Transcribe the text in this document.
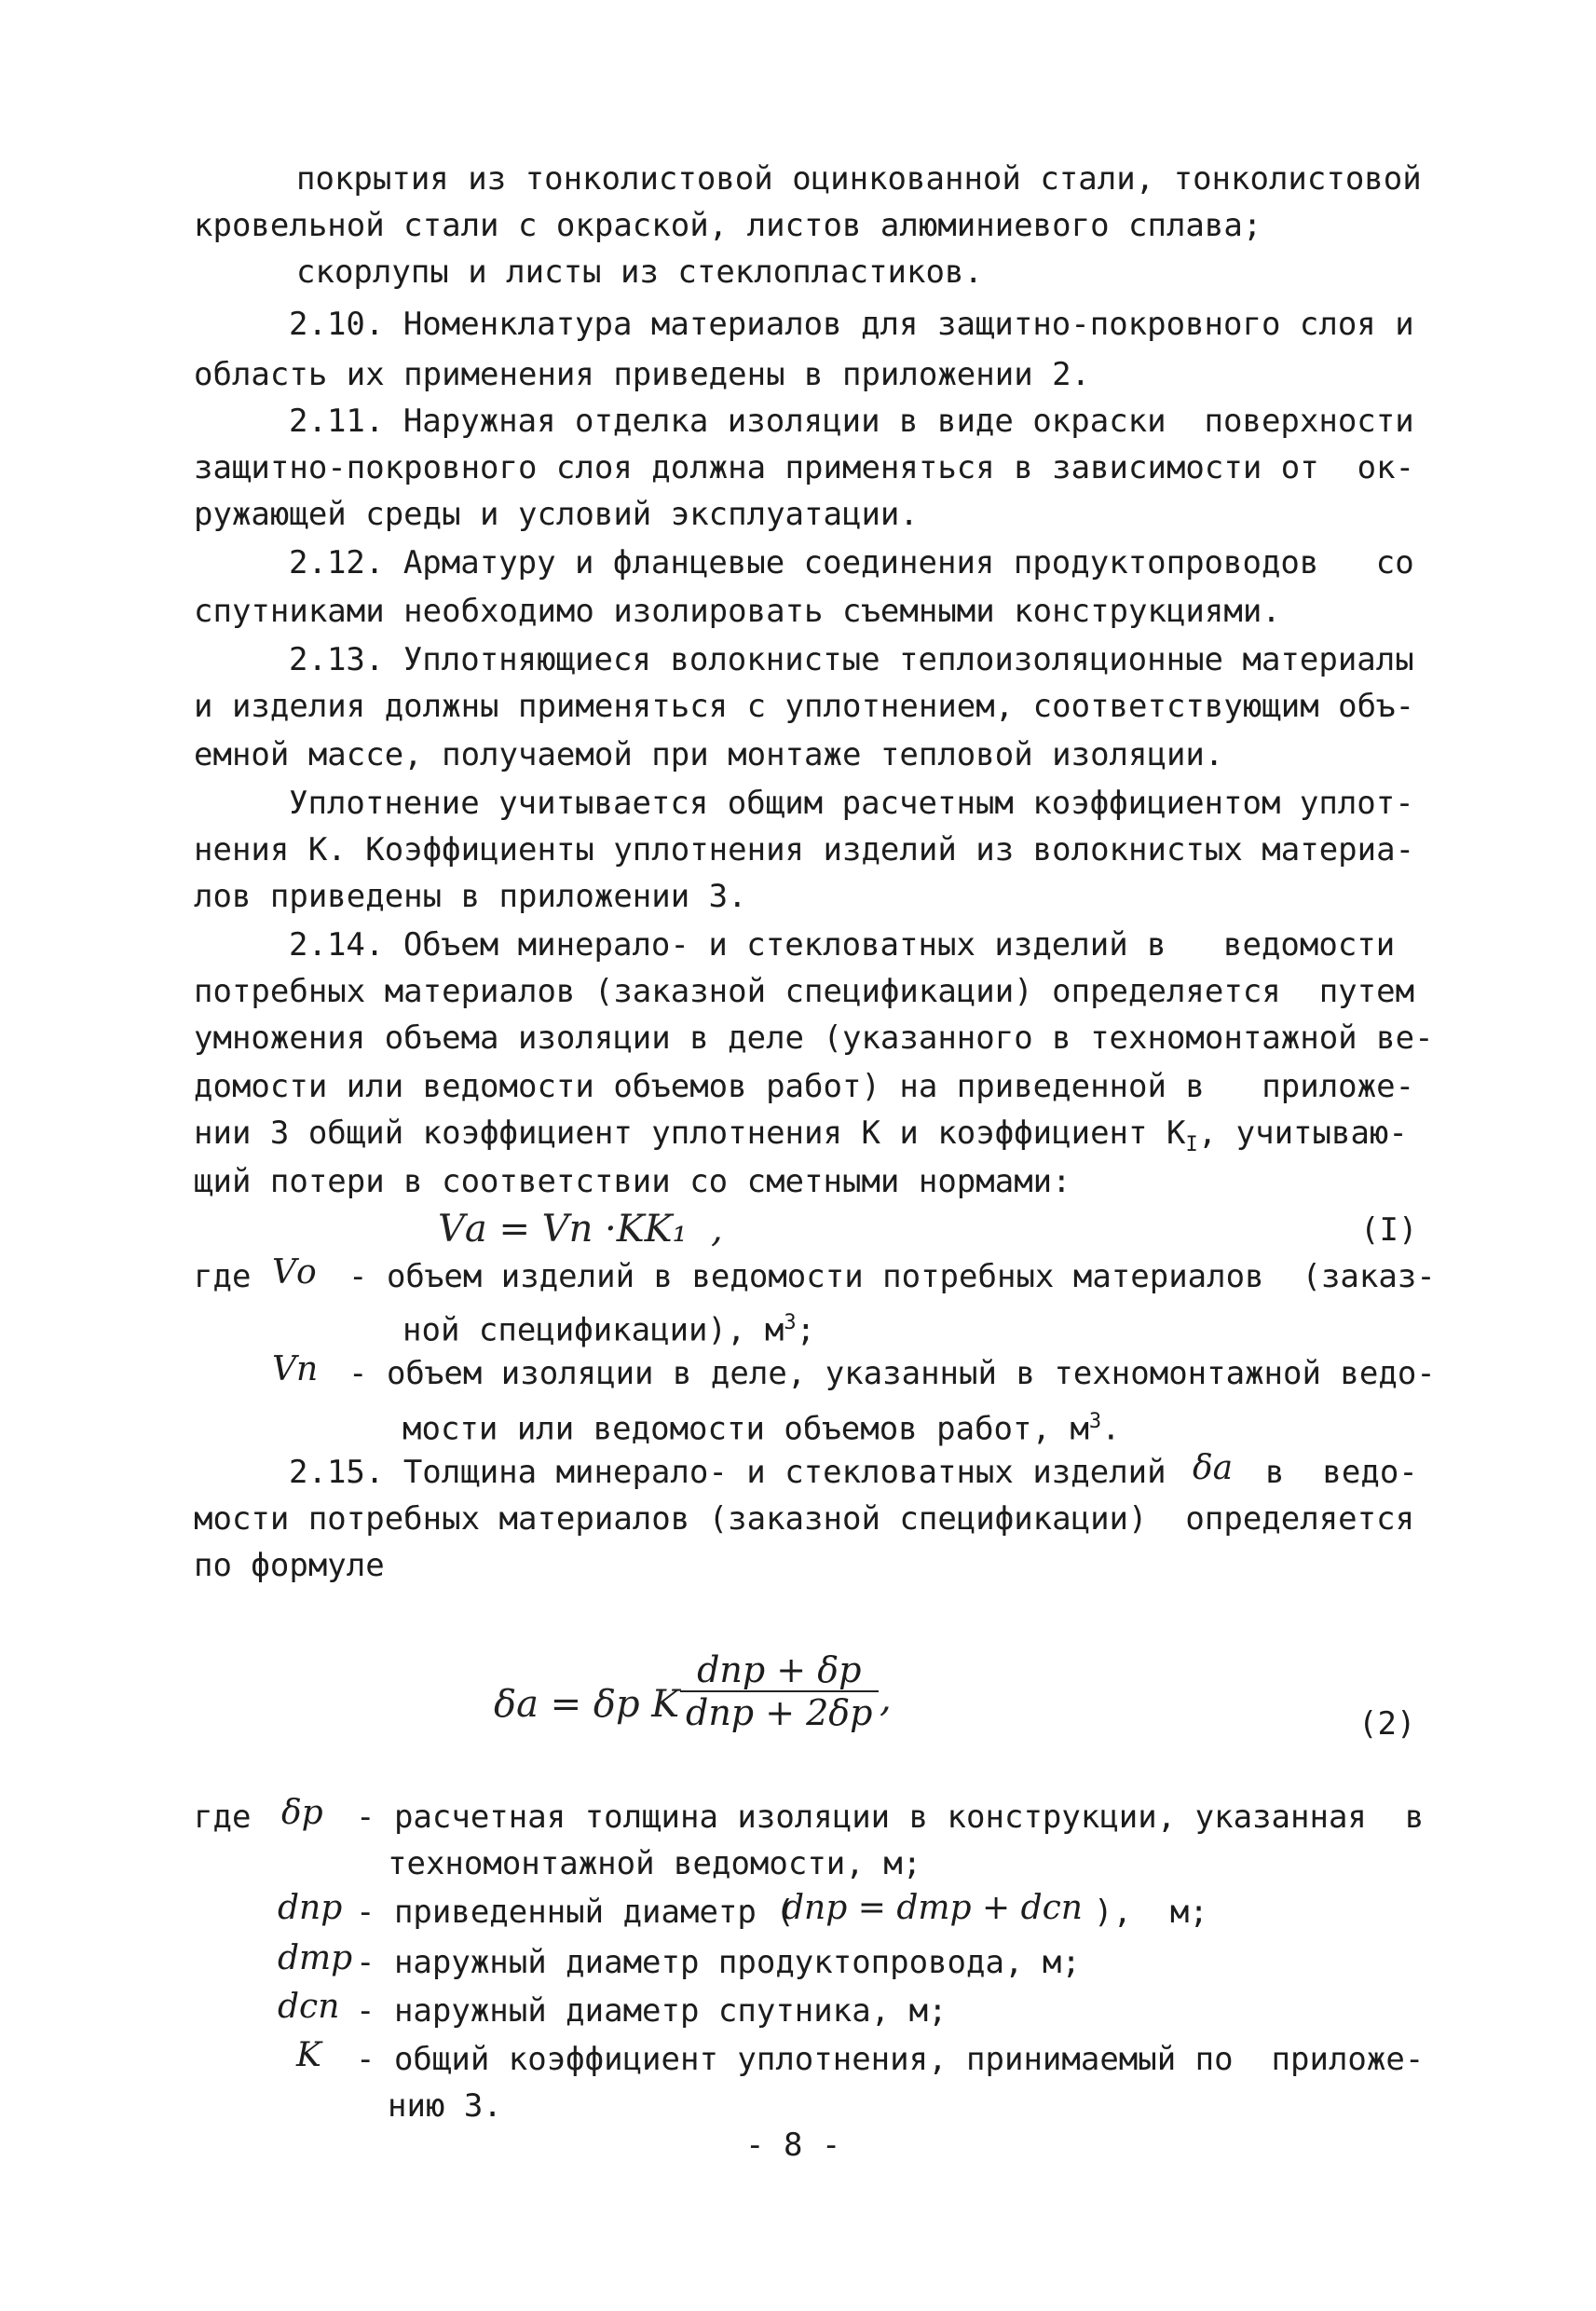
покрытия из тонколистовой оцинкованной стали, тонколистовой
кровельной стали с окраской, листов алюминиевого сплава;
скорлупы и листы из стеклопластиков.
2.10. Номенклатура материалов для защитно-покровного слоя и
область их применения приведены в приложении 2.
2.11. Наружная отделка изоляции в виде окраски  поверхности
защитно-покровного слоя должна применяться в зависимости от  ок-
ружающей среды и условий эксплуатации.
2.12. Арматуру и фланцевые соединения продуктопроводов   со
спутниками необходимо изолировать съемными конструкциями.
2.13. Уплотняющиеся волокнистые теплоизоляционные материалы
и изделия должны применяться с уплотнением, соответствующим объ-
емной массе, получаемой при монтаже тепловой изоляции.
Уплотнение учитывается общим расчетным коэффициентом уплот-
нения К. Коэффициенты уплотнения изделий из волокнистых материа-
лов приведены в приложении 3.
2.14. Объем минерало- и стекловатных изделий в   ведомости
потребных материалов (заказной спецификации) определяется  путем
умножения объема изоляции в деле (указанного в техномонтажной ве-
домости или ведомости объемов работ) на приведенной в   приложе-
нии 3 общий коэффициент уплотнения К и коэффициент $К_I$, учитываю-
щий потери в соответствии со сметными нормами:
Vа = Vп ·KK₁  ,	(I)
где Vо - объем изделий в ведомости потребных материалов  (заказ-
ной спецификации), $м^3$;
Vп - объем изоляции в деле, указанный в техномонтажной ведо-
мости или ведомости объемов работ, $м^3$.
2.15. Толщина минерало- и стекловатных изделий δа в  ведо-
мости потребных материалов (заказной спецификации)  определяется
по формуле
δа = δр K
dпр + δр
dпр + 2δр ,
(2)
где δр - расчетная толщина изоляции в конструкции, указанная  в
техномонтажной ведомости, м;
dпр - приведенный диаметр (
dпр = dтр + dсп ),  м;
dтр - наружный диаметр продуктопровода, м;
dсп - наружный диаметр спутника, м;
K - общий коэффициент уплотнения, принимаемый по  приложе-
нию 3.
- 8 -
